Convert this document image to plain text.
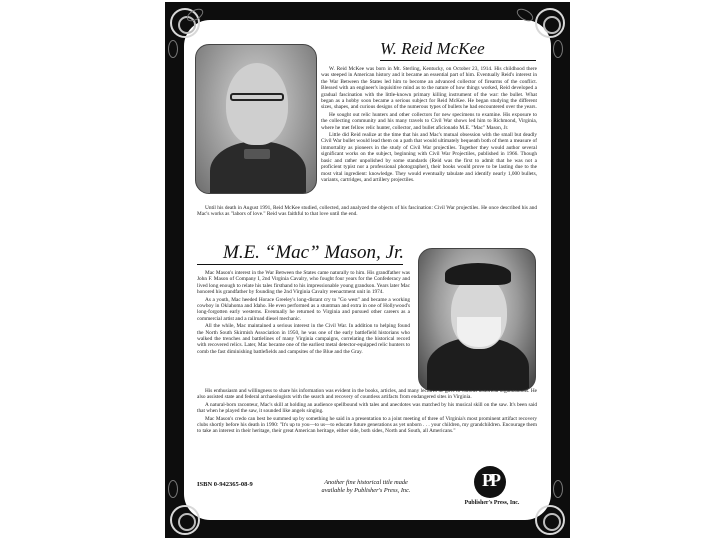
W. Reid McKee

W. Reid McKee was born in Mt. Sterling, Kentucky, on October 23, 1914. His childhood there was steeped in American history and it became an essential part of him. Eventually Reid's interest in the War Between the States led him to become an advanced collector of firearms of the conflict. Blessed with an engineer's inquisitive mind as to the nature of how things worked, Reid developed a gradual fascination with the little-known primary killing instrument of the war: the bullet. What began as a hobby soon became a serious subject for Reid McKee. He began studying the different sizes, shapes, and curious designs of the numerous types of bullets he had encountered over the years.

He sought out relic hunters and other collectors for new specimens to examine. His exposure to the collecting community and his many travels to Civil War shows led him to Richmond, Virginia, where he met fellow relic hunter, collector, and bullet aficionado M.E. "Mac" Mason, Jr.

Little did Reid realize at the time that his and Mac's mutual obsession with the small but deadly Civil War bullet would lead them on a path that would ultimately bequeath both of them a measure of immortality as pioneers in the study of Civil War projectiles. Together they would author several significant works on the subject, beginning with Civil War Projectiles, published in 1966. Though basic and rather unpolished by some standards (Reid was the first to admit that he was not a proficient typist nor a professional photographer), their books would prove to be lasting due to the most vital ingredient: knowledge. They would eventually tabulate and identify nearly 1,000 bullets, variants, cartridges, and artillery projectiles.

Until his death in August 1991, Reid McKee studied, collected, and analyzed the objects of his fascination: Civil War projectiles. He once described his and Mac's works as "labors of love." Reid was faithful to that love until the end.

M.E. “Mac” Mason, Jr.

Mac Mason's interest in the War Between the States came naturally to him. His grandfather was John F. Mason of Company I, 2nd Virginia Cavalry, who fought four years for the Confederacy and lived long enough to relate his tales firsthand to his impressionable young grandson. Years later Mac honored his grandfather by founding the 2nd Virginia Cavalry reenactment unit in 1974.

As a youth, Mac heeded Horace Greeley's long-distant cry to "Go west" and became a working cowboy in Oklahoma and Idaho. He even performed as a stuntman and extra in one of Hollywood's long-forgotten early westerns. Eventually he returned to Virginia and pursued other careers as a commercial artist and a railroad diesel mechanic.

All the while, Mac maintained a serious interest in the Civil War. In addition to helping found the North South Skirmish Association in 1950, he was one of the early battlefield historians who walked the trenches and battlelines of many Virginia campaigns, correlating the historical record with recovered relics. Later, Mac became one of the earliest metal detector-equipped relic hunters to comb the fast diminishing battlefields and campsites of the Blue and the Gray.

His enthusiasm and willingness to share his information was evident in the books, articles, and many lectures he gave to various historical organizations. He also assisted state and federal archaeologists with the search and recovery of countless artifacts from endangered sites in Virginia.

A natural-born raconteur, Mac's skill at holding an audience spellbound with tales and anecdotes was matched by his musical skill on the saw. It's been said that when he played the saw, it sounded like angels singing.

Mac Mason's credo can best be summed up by something he said in a presentation to a joint meeting of three of Virginia's most prominent artifact recovery clubs shortly before his death in 1990: "It's up to you—to us—to educate future generations as yet unborn . . . your children, my grandchildren. Encourage them to take an interest in their heritage, their great American heritage, either side, both sides, North and South, all Americans."

ISBN 0-942365-08-9	Another fine historical title made
available by Publisher's Press, Inc.
PP
Publisher's Press, Inc.
